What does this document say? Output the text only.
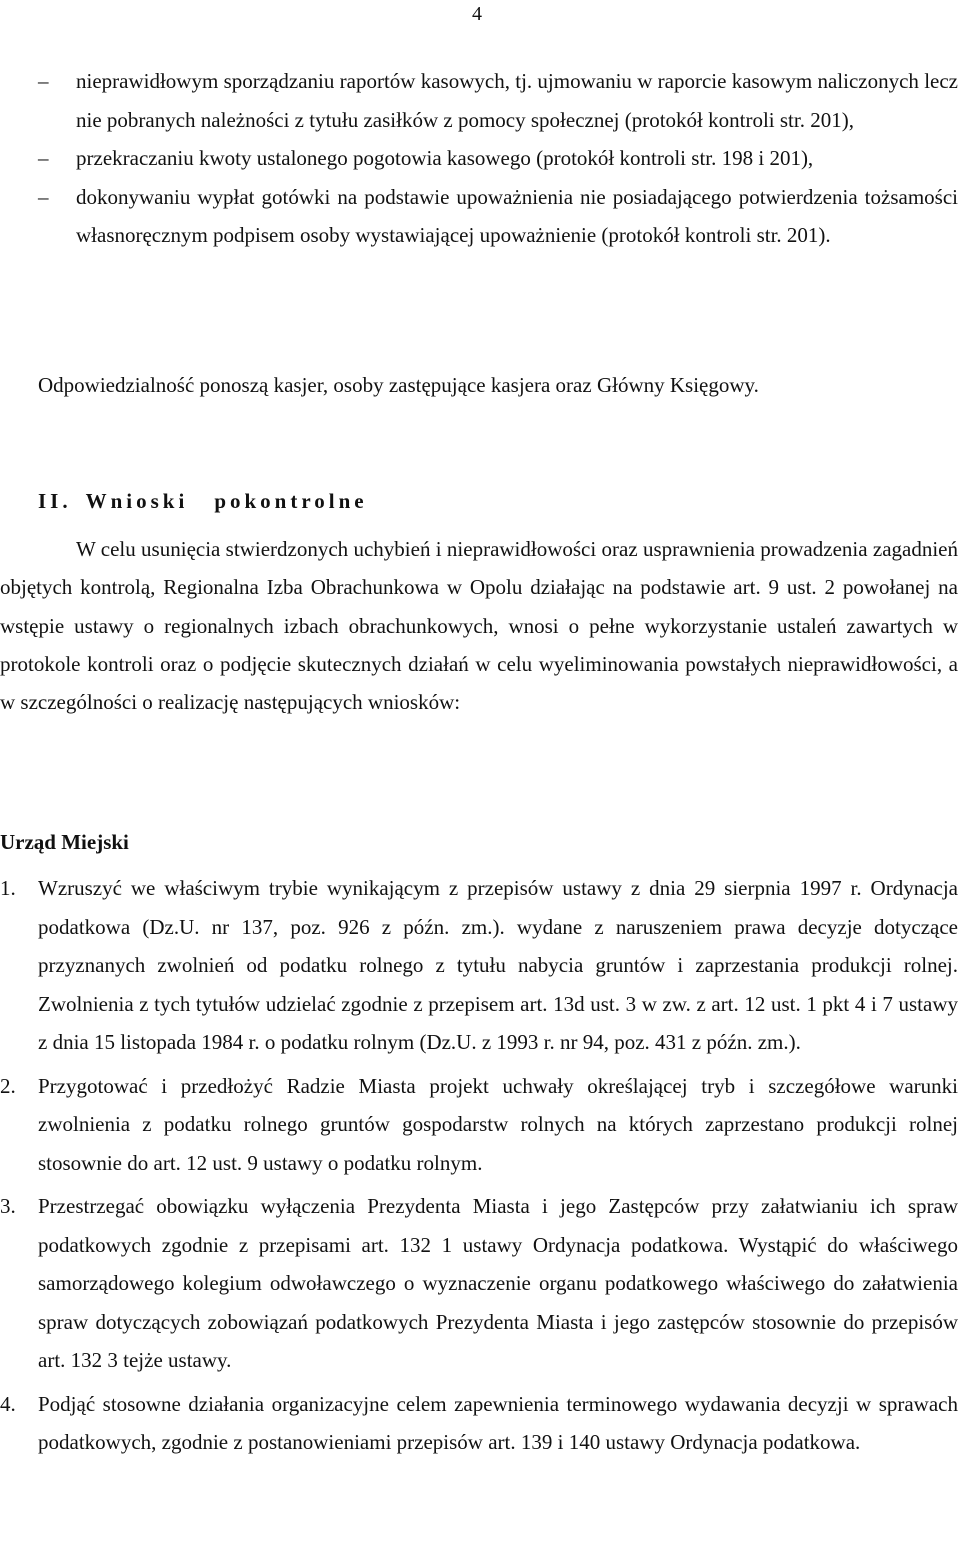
4
–	nieprawidłowym sporządzaniu raportów kasowych, tj. ujmowaniu w raporcie kasowym naliczonych lecz nie pobranych należności z tytułu zasiłków z pomocy społecznej (protokół kontroli str. 201),
–	przekraczaniu kwoty ustalonego pogotowia kasowego (protokół kontroli str. 198 i 201),
–	dokonywaniu wypłat gotówki na podstawie upoważnienia nie posiadającego potwierdzenia tożsamości własnoręcznym podpisem osoby wystawiającej upoważnienie (protokół kontroli str. 201).
Odpowiedzialność ponoszą kasjer, osoby zastępujące kasjera oraz Główny Księgowy.
II. Wnioski pokontrolne
W celu usunięcia stwierdzonych uchybień i nieprawidłowości oraz usprawnienia prowadzenia zagadnień objętych kontrolą, Regionalna Izba Obrachunkowa w Opolu działając na podstawie art. 9 ust. 2 powołanej na wstępie ustawy o regionalnych izbach obrachunkowych, wnosi o pełne wykorzystanie ustaleń zawartych w protokole kontroli oraz o podjęcie skutecznych działań w celu wyeliminowania powstałych nieprawidłowości, a w szczególności o realizację następujących wniosków:
Urząd Miejski
1. Wzruszyć we właściwym trybie wynikającym z przepisów ustawy z dnia 29 sierpnia 1997 r. Ordynacja podatkowa (Dz.U. nr 137, poz. 926 z późn. zm.). wydane z naruszeniem prawa decyzje dotyczące przyznanych zwolnień od podatku rolnego z tytułu nabycia gruntów i zaprzestania produkcji rolnej. Zwolnienia z tych tytułów udzielać zgodnie z przepisem art. 13d ust. 3 w zw. z art. 12 ust. 1 pkt 4 i 7 ustawy z dnia 15 listopada 1984 r. o podatku rolnym (Dz.U. z 1993 r. nr 94, poz. 431 z późn. zm.).
2. Przygotować i przedłożyć Radzie Miasta projekt uchwały określającej tryb i szczegółowe warunki zwolnienia z podatku rolnego gruntów gospodarstw rolnych na których zaprzestano produkcji rolnej stosownie do art. 12 ust. 9 ustawy o podatku rolnym.
3. Przestrzegać obowiązku wyłączenia Prezydenta Miasta i jego Zastępców przy załatwianiu ich spraw podatkowych zgodnie z przepisami art. 132 1 ustawy Ordynacja podatkowa. Wystąpić do właściwego samorządowego kolegium odwoławczego o wyznaczenie organu podatkowego właściwego do załatwienia spraw dotyczących zobowiązań podatkowych Prezydenta Miasta i jego zastępców stosownie do przepisów art. 132 3 tejże ustawy.
4. Podjąć stosowne działania organizacyjne celem zapewnienia terminowego wydawania decyzji w sprawach podatkowych, zgodnie z postanowieniami przepisów art. 139 i 140 ustawy Ordynacja podatkowa.
